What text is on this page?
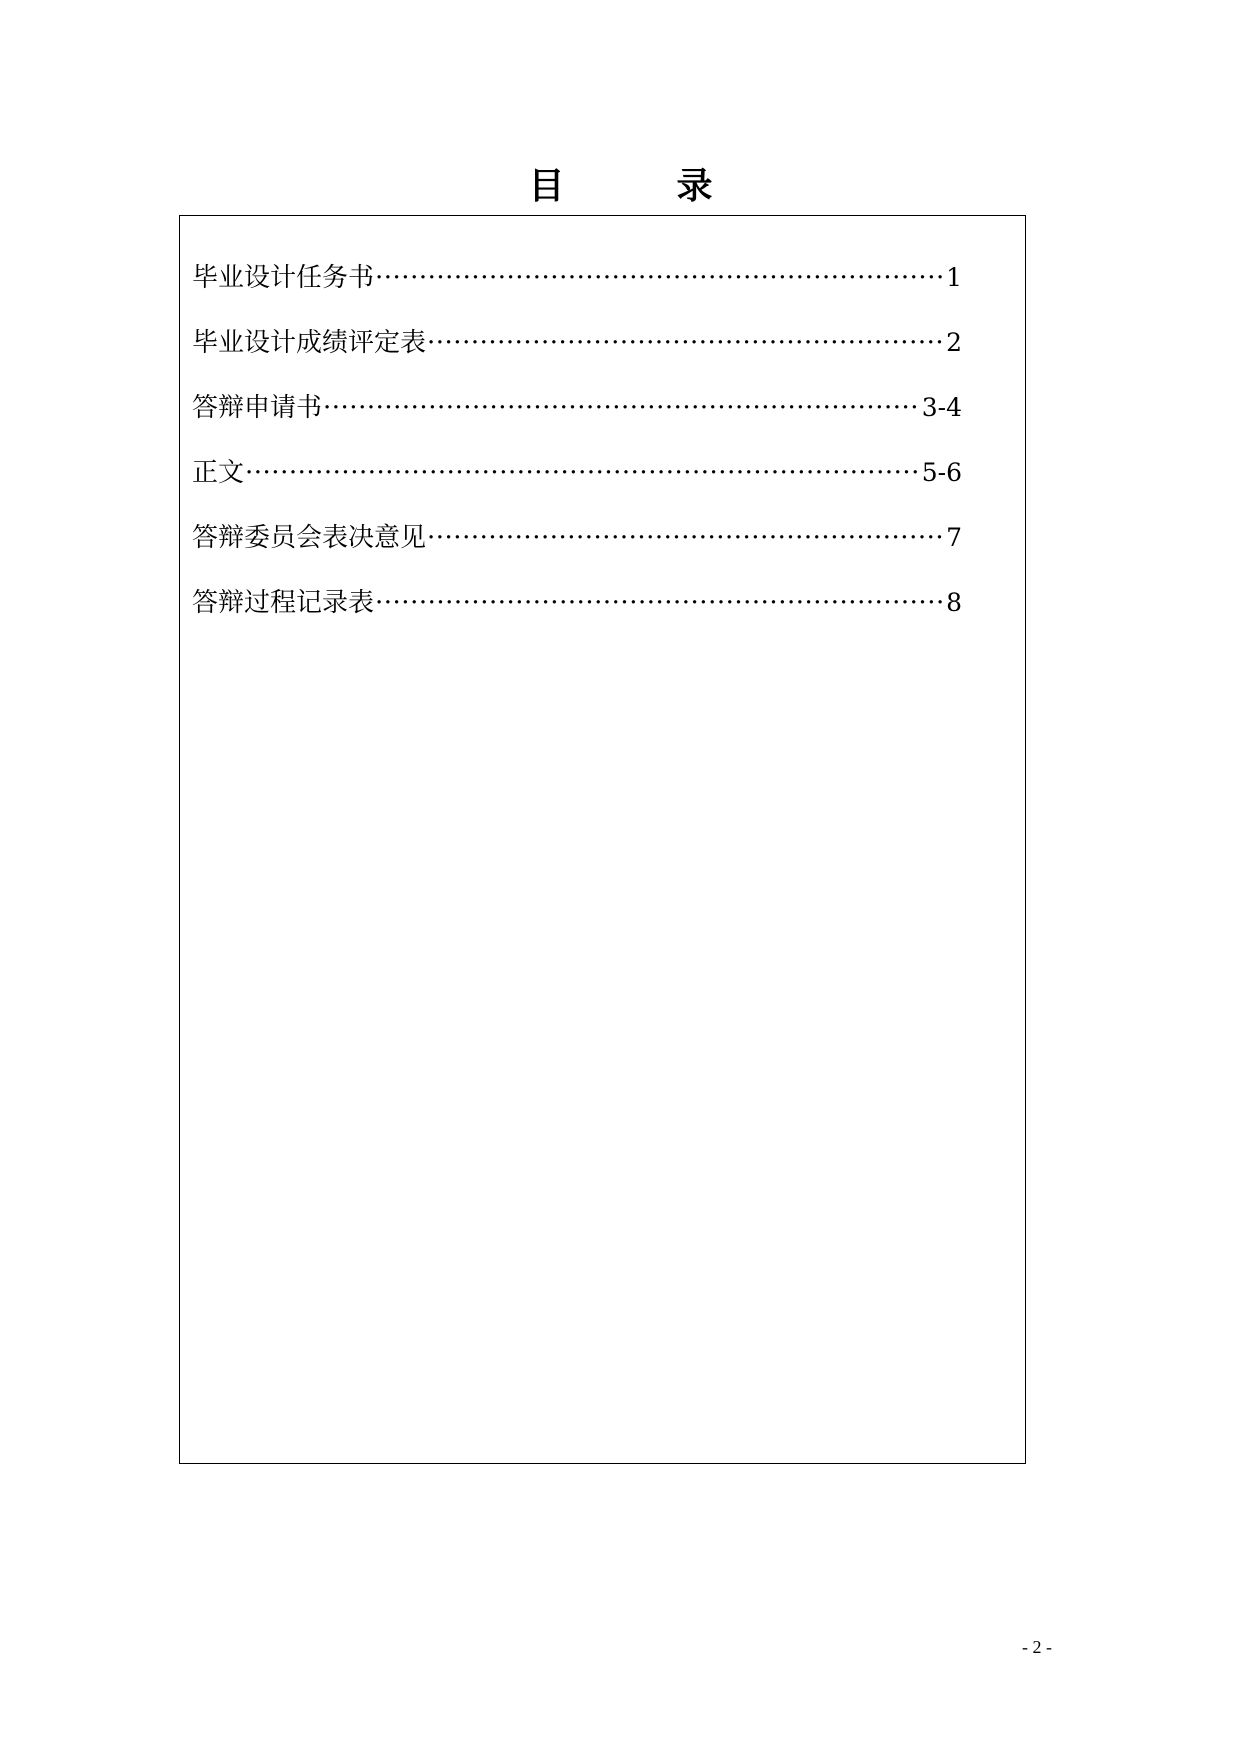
目	录
毕业设计任务书 ·····	1
毕业设计成绩评定表 ·····	2
答辩申请书 ·····	3-4
正文 ·····	5-6
答辩委员会表决意见 ·····	7
答辩过程记录表 ·····	8
- 2 -
